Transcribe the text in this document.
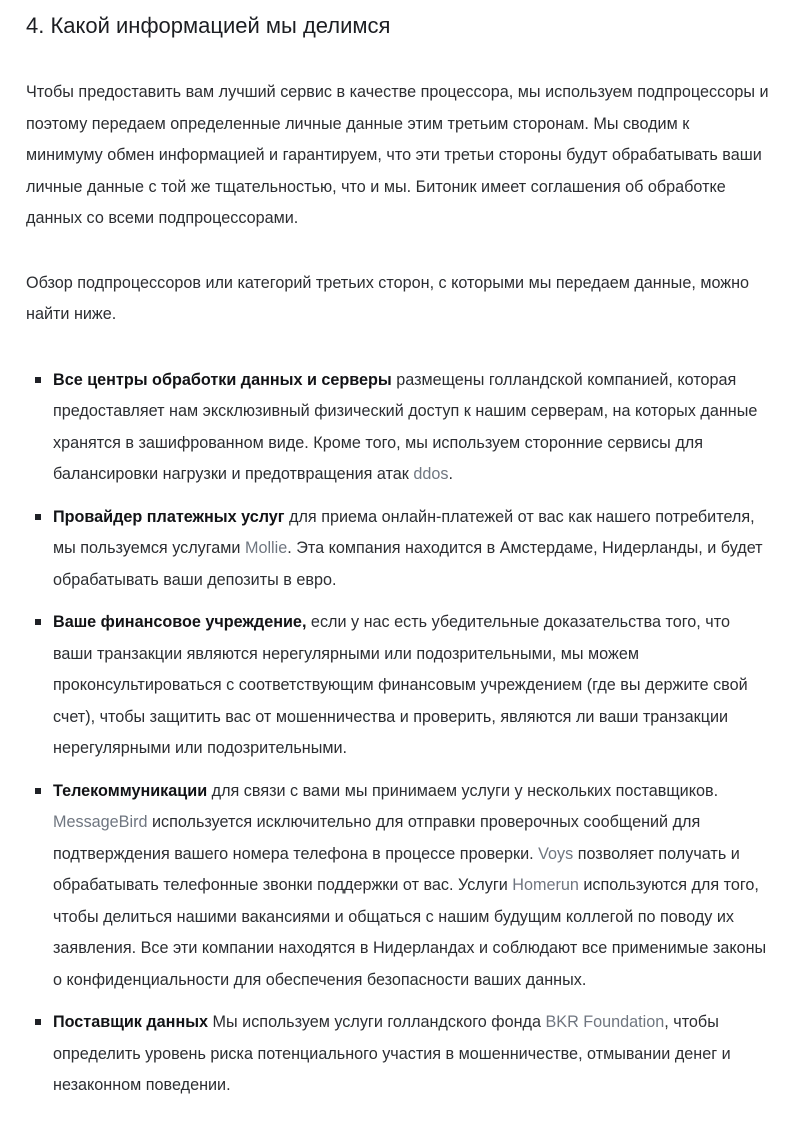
4. Какой информацией мы делимся

Чтобы предоставить вам лучший сервис в качестве процессора, мы используем подпроцессоры и поэтому передаем определенные личные данные этим третьим сторонам. Мы сводим к минимуму обмен информацией и гарантируем, что эти третьи стороны будут обрабатывать ваши личные данные с той же тщательностью, что и мы. Битоник имеет соглашения об обработке данных со всеми подпроцессорами.

Обзор подпроцессоров или категорий третьих сторон, с которыми мы передаем данные, можно найти ниже.

Все центры обработки данных и серверы размещены голландской компанией, которая предоставляет нам эксклюзивный физический доступ к нашим серверам, на которых данные хранятся в зашифрованном виде. Кроме того, мы используем сторонние сервисы для балансировки нагрузки и предотвращения атак ddos.
Провайдер платежных услуг для приема онлайн-платежей от вас как нашего потребителя, мы пользуемся услугами Mollie. Эта компания находится в Амстердаме, Нидерланды, и будет обрабатывать ваши депозиты в евро.
Ваше финансовое учреждение, если у нас есть убедительные доказательства того, что ваши транзакции являются нерегулярными или подозрительными, мы можем проконсультироваться с соответствующим финансовым учреждением (где вы держите свой счет), чтобы защитить вас от мошенничества и проверить, являются ли ваши транзакции нерегулярными или подозрительными.
Телекоммуникации для связи с вами мы принимаем услуги у нескольких поставщиков. MessageBird используется исключительно для отправки проверочных сообщений для подтверждения вашего номера телефона в процессе проверки. Voys позволяет получать и обрабатывать телефонные звонки поддержки от вас. Услуги Homerun используются для того, чтобы делиться нашими вакансиями и общаться с нашим будущим коллегой по поводу их заявления. Все эти компании находятся в Нидерландах и соблюдают все применимые законы о конфиденциальности для обеспечения безопасности ваших данных.
Поставщик данных Мы используем услуги голландского фонда BKR Foundation, чтобы определить уровень риска потенциального участия в мошенничестве, отмывании денег и незаконном поведении.
